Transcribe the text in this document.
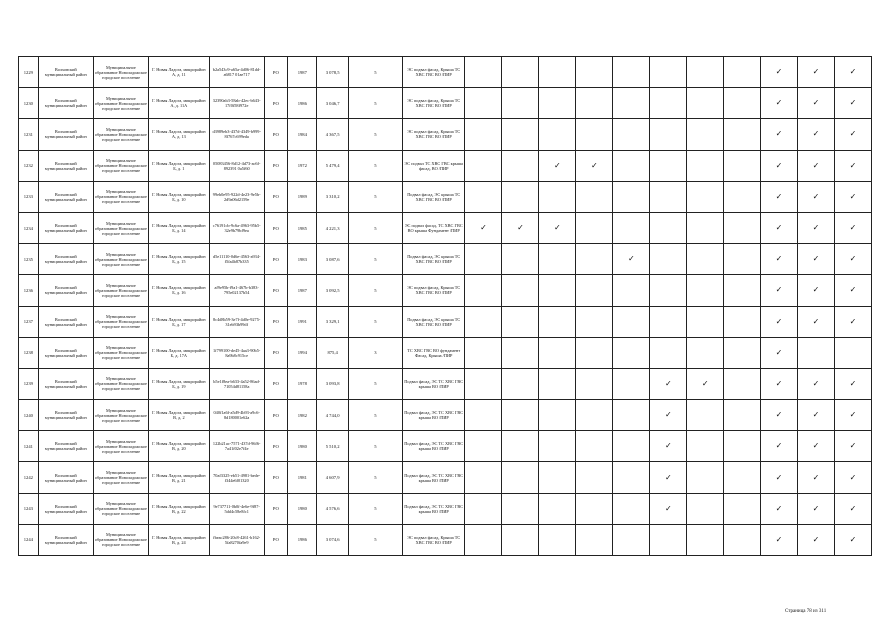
1229	Волховский муниципальный район	Муниципальное образование Новоладожское городское поселение	Г. Новая Ладога, микрорайон А, д. 11	b2a543c9-a65a-4d06-81dd-a6817 01ae717	РО	1987	3 078,5	5	ЭС подвал фасад, Крыша ТС ХВС ГВС ВО /ПИР									✓	✓	✓
1230	Волховский муниципальный район	Муниципальное образование Новоладожское городское поселение	Г. Новая Ладога, микрорайон А, д. 11А	32390ab3-58ab-42ec-b643-17f0f58f972e	РО	1986	3 046,7	5	ЭС подвал фасад, Крыша ТС ХВС ГВС ВО /ПИР									✓	✓	✓
1231	Волховский муниципальный район	Муниципальное образование Новоладожское городское поселение	Г. Новая Ладога, микрорайон А, д. 13	d3989eb3-437d-4349-b999-8f767c699eda	РО	1984	4 367,5	5	ЭС подвал фасад, Крыша ТС ХВС ГВС ВО /ПИР									✓	✓	✓
1232	Волховский муниципальный район	Муниципальное образование Новоладожское городское поселение	Г. Новая Ладога, микрорайон Б, д. 1	05083456-8d12-4d73-ac6f-892391 0a5f60	РО	1972	5 479,4	5	ЭС подвал ТС ХВС ГВС крыша фасад, ВО /ПИР			✓	✓					✓	✓	✓
1233	Волховский муниципальный район	Муниципальное образование Новоладожское городское поселение	Г. Новая Ладога, микрорайон Б, д. 10	99eb0e95-922d-4e23-9e5b-2d9a06d2159e	РО	1989	3 310,2	5	Подвал фасад, ЭС крыша ТС ХВС ГВС ВО /ПИР									✓	✓	✓
1234	Волховский муниципальный район	Муниципальное образование Новоладожское городское поселение	Г. Новая Ладога, микрорайон Б, д. 14	c76191cb-9c6a-4963-95b5-32e9b79bf9ea	РО	1985	4 221,3	5	ЭС подвал фасад, ТС ХВС ГВС ВО крыша Фундамент /ПИР	✓	✓	✓						✓	✓	✓
1235	Волховский муниципальный район	Муниципальное образование Новоладожское городское поселение	Г. Новая Ладога, микрорайон Б, д. 15	d5e11110-0d6e-4563-a934-f5fa4b87b335	РО	1983	3 087,6	5	Подвал фасад, ЭС крыша ТС ХВС ГВС ВО /ПИР					✓				✓	✓	✓
1236	Волховский муниципальный район	Муниципальное образование Новоладожское городское поселение	Г. Новая Ладога, микрорайон Б, д. 16	af9e95b-f9a1-467b-b383-795e02137b54	РО	1987	3 092,5	5	ЭС подвал фасад, Крыша ТС ХВС ГВС ВО /ПИР									✓	✓	✓
1237	Волховский муниципальный район	Муниципальное образование Новоладожское городское поселение	Г. Новая Ладога, микрорайон Б, д. 17	8c4d8b59-3e7f-4d0e-9275-31eb93b99df	РО	1991	3 329,1	5	Подвал фасад, ЭС крыша ТС ХВС ГВС ВО /ПИР									✓	✓	✓
1238	Волховский муниципальный район	Муниципальное образование Новоладожское городское поселение	Г. Новая Ладога, микрорайон Б, д. 17А	1f799100-de45-4aa3-90b5-8a9b8c915ce	РО	1994	875,4	3	ТС ХВС ГВС ВО фундамент Фасад, Крыша /ПИР									✓		
1239	Волховский муниципальный район	Муниципальное образование Новоладожское городское поселение	Г. Новая Ладога, микрорайон Б, д. 19	b5e1f8ea-b633-4a52-86ad-71054d81158a	РО	1978	3 093,8	5	Подвал фасад, ЭС ТС ХВС ГВС крыша ВО /ПИР						✓	✓		✓	✓	✓
1240	Волховский муниципальный район	Муниципальное образование Новоладожское городское поселение	Г. Новая Ладога, микрорайон В, д. 2	040f1a6f-a5d9-4b93-a9c6-8d180001e62a	РО	1982	4 744,0	5	Подвал фасад, ЭС ТС ХВС ГВС крыша ВО /ПИР						✓			✓	✓	✓
1241	Волховский муниципальный район	Муниципальное образование Новоладожское городское поселение	Г. Новая Ладога, микрорайон В, д. 20	122b21ac-7571-437d-96f6-7a41f02e7f4e	РО	1980	5 510,2	5	Подвал фасад, ЭС ТС ХВС ГВС крыша ВО /ПИР						✓			✓	✓	✓
1242	Волховский муниципальный район	Муниципальное образование Новоладожское городское поселение	Г. Новая Ладога, микрорайон В, д. 21	70af3325-eb51-4981-bede-f344e6f01320	РО	1981	4 607,9	5	Подвал фасад, ЭС ТС ХВС ГВС крыша ВО /ПИР						✓			✓	✓	✓
1243	Волховский муниципальный район	Муниципальное образование Новоладожское городское поселение	Г. Новая Ладога, микрорайон В, д. 22	9e737711-0b0f-4e6e-9f87-5dd4c58e8fc1	РО	1980	4 576,6	5	Подвал фасад, ЭС ТС ХВС ГВС крыша ВО /ПИР						✓			✓	✓	✓
1244	Волховский муниципальный район	Муниципальное образование Новоладожское городское поселение	Г. Новая Ладога, микрорайон В, д. 24	fbeac286-20c8-4261-b162-5fa8270fa9e9	РО	1986	3 074,6	5	ЭС подвал фасад, Крыша ТС ХВС ГВС ВО /ПИР									✓	✓	✓
Страница 78 из 311
